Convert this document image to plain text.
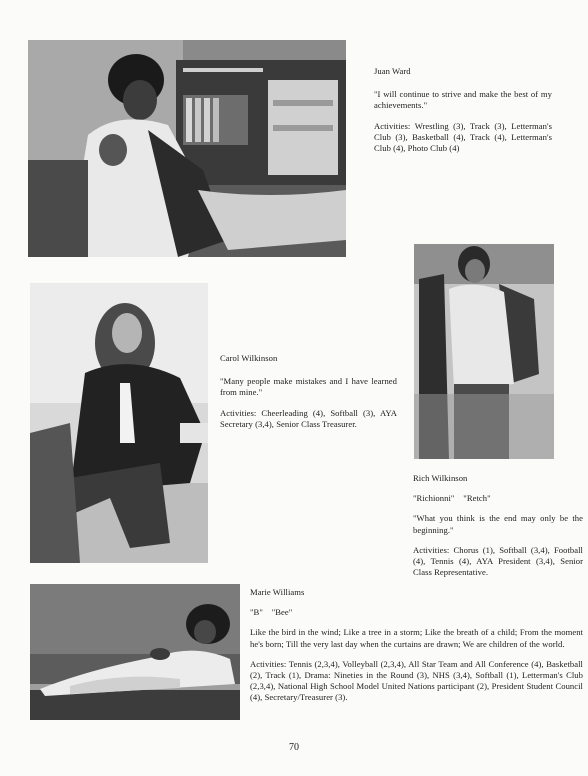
Juan Ward

"I will continue to strive and make the best of my achievements."

Activities: Wrestling (3), Track (3), Letterman's Club (3), Basketball (4), Track (4), Letterman's Club (4), Photo Club (4)

Carol Wilkinson

"Many people make mistakes and I have learned from mine."

Activities: Cheerleading (4), Softball (3), AYA Secretary (3,4), Senior Class Treasurer.

Rich Wilkinson

"Richionni"    "Retch"

"What you think is the end may only be the beginning."

Activities: Chorus (1), Softball (3,4), Football (4), Tennis (4), AYA President (3,4), Senior Class Representative.

Marie Williams

"B"    "Bee"

Like the bird in the wind; Like a tree in a storm; Like the breath of a child; From the moment he's born; Till the very last day when the curtains are drawn; We are children of the world.

Activities: Tennis (2,3,4), Volleyball (2,3,4), All Star Team and All Conference (4), Basketball (2), Track (1), Drama: Nineties in the Round (3), NHS (3,4), Softball (1), Letterman's Club (2,3,4), National High School Model United Nations participant (2), President Student Council (4), Secretary/Treasurer (3).

70
